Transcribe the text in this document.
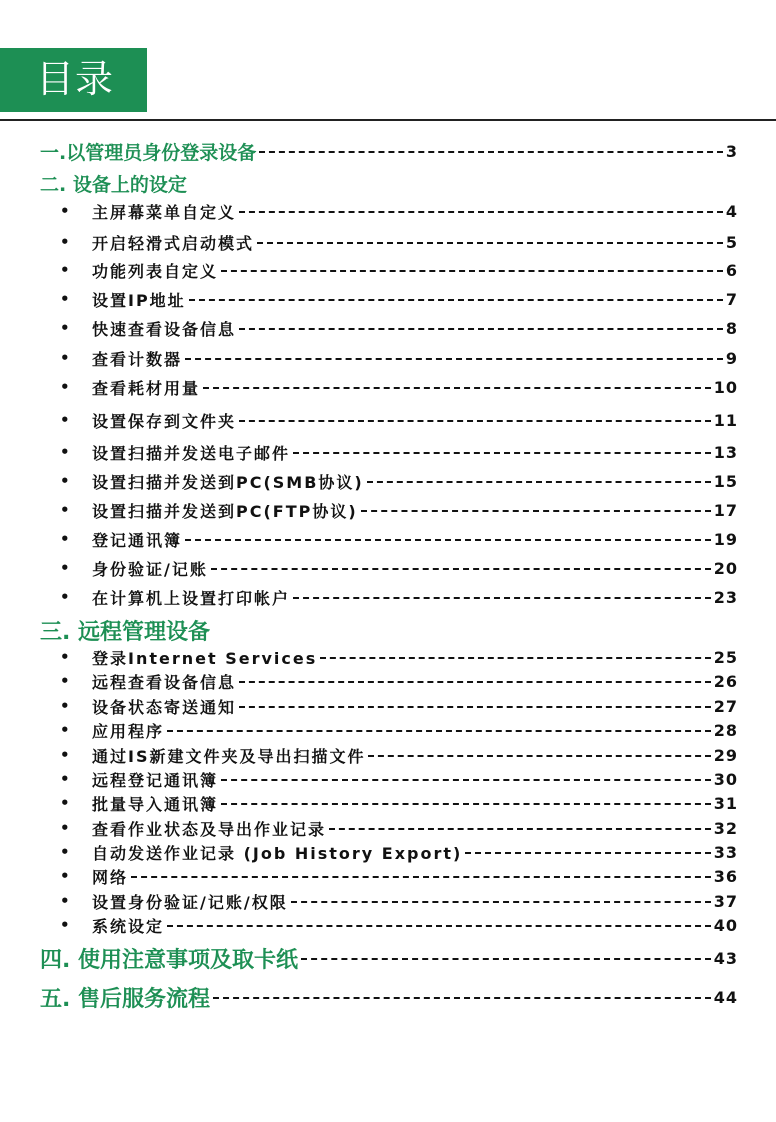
目录
一.以管理员身份登录设备	3
二. 设备上的设定
•	主屏幕菜单自定义	4
•	开启轻滑式启动模式	5
•	功能列表自定义	6
•	设置IP地址	7
•	快速查看设备信息	8
•	查看计数器	9
•	查看耗材用量	10
•	设置保存到文件夹	11
•	设置扫描并发送电子邮件	13
•	设置扫描并发送到PC(SMB协议)	15
•	设置扫描并发送到PC(FTP协议)	17
•	登记通讯簿	19
•	身份验证/记账	20
•	在计算机上设置打印帐户	23
三. 远程管理设备
•	登录Internet Services	25
•	远程查看设备信息	26
•	设备状态寄送通知	27
•	应用程序	28
•	通过IS新建文件夹及导出扫描文件	29
•	远程登记通讯簿	30
•	批量导入通讯簿	31
•	查看作业状态及导出作业记录	32
•	自动发送作业记录 (Job History Export)	33
•	网络	36
•	设置身份验证/记账/权限	37
•	系统设定	40
四. 使用注意事项及取卡纸	43
五. 售后服务流程	44
